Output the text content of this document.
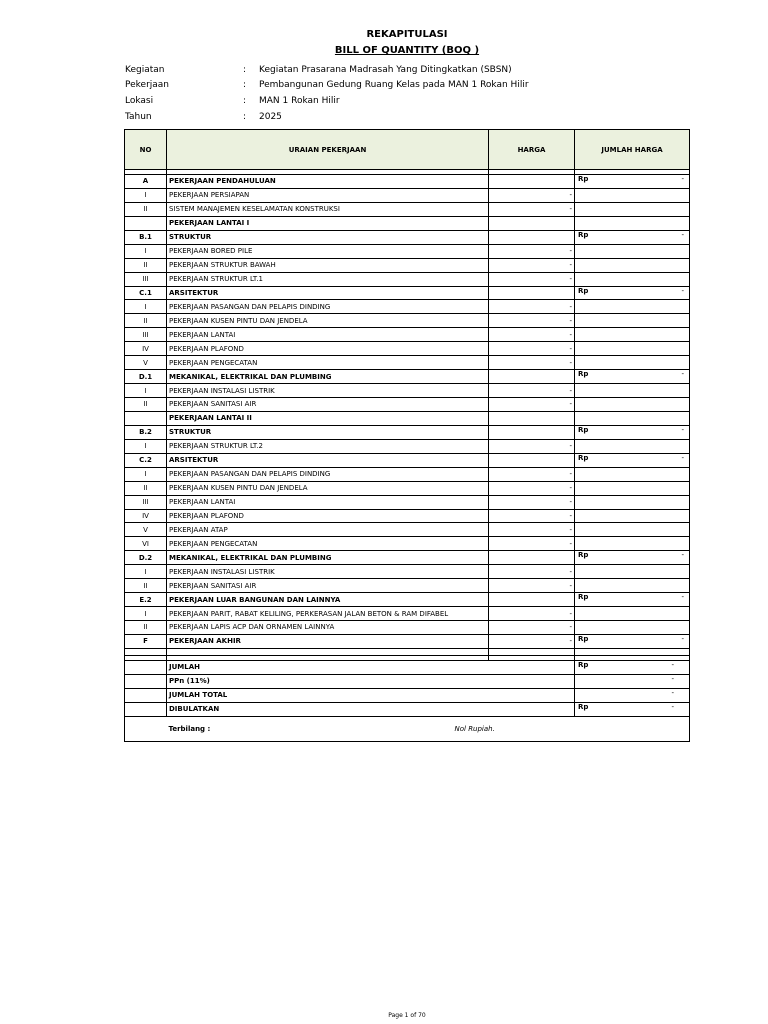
REKAPITULASI
BILL OF QUANTITY (BOQ )
Kegiatan	:	Kegiatan Prasarana Madrasah Yang Ditingkatkan (SBSN)
Pekerjaan	:	Pembangunan Gedung Ruang Kelas pada MAN 1 Rokan Hilir
Lokasi	:	MAN 1 Rokan Hilir
Tahun	:	2025
NO	URAIAN PEKERJAAN	HARGA	JUMLAH HARGA

A	PEKERJAAN PENDAHULUAN		Rp -

I	PEKERJAAN PERSIAPAN	-	

II	SISTEM MANAJEMEN KESELAMATAN KONSTRUKSI	-	

	PEKERJAAN LANTAI I		

B.1	STRUKTUR		Rp -

I	PEKERJAAN BORED PILE	-	

II	PEKERJAAN STRUKTUR BAWAH	-	

III	PEKERJAAN STRUKTUR LT.1	-	

C.1	ARSITEKTUR		Rp -

I	PEKERJAAN PASANGAN DAN PELAPIS DINDING	-	

II	PEKERJAAN KUSEN PINTU DAN JENDELA	-	

III	PEKERJAAN LANTAI	-	

IV	PEKERJAAN PLAFOND	-	

V	PEKERJAAN PENGECATAN	-	

D.1	MEKANIKAL, ELEKTRIKAL DAN PLUMBING		Rp -

I	PEKERJAAN INSTALASI LISTRIK	-	

II	PEKERJAAN SANITASI AIR	-	

	PEKERJAAN LANTAI II		

B.2	STRUKTUR		Rp -

I	PEKERJAAN STRUKTUR LT.2	-	

C.2	ARSITEKTUR		Rp -

I	PEKERJAAN PASANGAN DAN PELAPIS DINDING	-	

II	PEKERJAAN KUSEN PINTU DAN JENDELA	-	

III	PEKERJAAN LANTAI	-	

IV	PEKERJAAN PLAFOND	-	

V	PEKERJAAN ATAP	-	

VI	PEKERJAAN PENGECATAN	-	

D.2	MEKANIKAL, ELEKTRIKAL DAN PLUMBING		Rp -

I	PEKERJAAN INSTALASI LISTRIK	-	

II	PEKERJAAN SANITASI AIR	-	

E.2	PEKERJAAN LUAR BANGUNAN DAN LAINNYA		Rp -

I	PEKERJAAN PARIT, RABAT KELILING, PERKERASAN JALAN BETON & RAM DIFABEL	-	

II	PEKERJAAN LAPIS ACP DAN ORNAMEN LAINNYA	-	

F	PEKERJAAN AKHIR	-	Rp -

	JUMLAH		Rp -

	PPn (11%)		-

	JUMLAH TOTAL		-

	DIBULATKAN		Rp -

	Terbilang : Nol Rupiah.		
Page 1 of 70
